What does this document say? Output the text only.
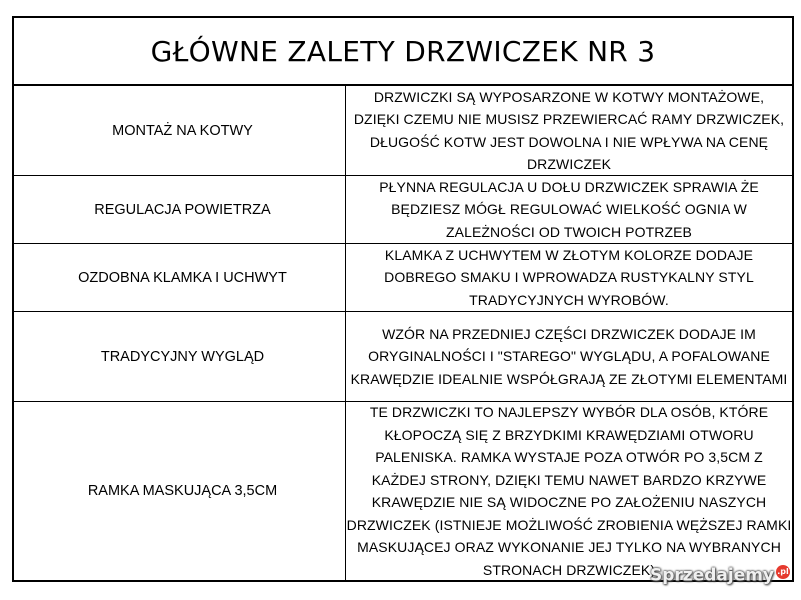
GŁÓWNE ZALETY DRZWICZEK NR 3
MONTAŻ NA KOTWY
DRZWICZKI SĄ WYPOSARZONE W KOTWY MONTAŻOWE,
DZIĘKI CZEMU NIE MUSISZ PRZEWIERCAĆ RAMY DRZWICZEK,
DŁUGOŚĆ KOTW JEST DOWOLNA I NIE WPŁYWA NA CENĘ
DRZWICZEK
REGULACJA POWIETRZA
PŁYNNA REGULACJA U DOŁU DRZWICZEK SPRAWIA ŻE
BĘDZIESZ MÓGŁ REGULOWAĆ WIELKOŚĆ OGNIA W
ZALEŻNOŚCI OD TWOICH POTRZEB
OZDOBNA KLAMKA I UCHWYT
KLAMKA Z UCHWYTEM W ZŁOTYM KOLORZE DODAJE
DOBREGO SMAKU I WPROWADZA RUSTYKALNY STYL
TRADYCYJNYCH WYROBÓW.
TRADYCYJNY WYGLĄD
WZÓR NA PRZEDNIEJ CZĘŚCI DRZWICZEK DODAJE IM
ORYGINALNOŚCI I "STAREGO" WYGLĄDU, A POFALOWANE
KRAWĘDZIE IDEALNIE WSPÓŁGRAJĄ ZE ZŁOTYMI ELEMENTAMI
RAMKA MASKUJĄCA 3,5CM
TE DRZWICZKI TO NAJLEPSZY WYBÓR DLA OSÓB, KTÓRE
KŁOPOCZĄ SIĘ Z BRZYDKIMI KRAWĘDZIAMI OTWORU
PALENISKA. RAMKA WYSTAJE POZA OTWÓR PO 3,5CM Z
KAŻDEJ STRONY, DZIĘKI TEMU NAWET BARDZO KRZYWE
KRAWĘDZIE NIE SĄ WIDOCZNE PO ZAŁOŻENIU NASZYCH
DRZWICZEK (ISTNIEJE MOŻLIWOŚĆ ZROBIENIA WĘŻSZEJ RAMKI
MASKUJĄCEJ ORAZ WYKONANIE JEJ TYLKO NA WYBRANYCH
STRONACH DRZWICZEK)
Sprzedajemy .pl
